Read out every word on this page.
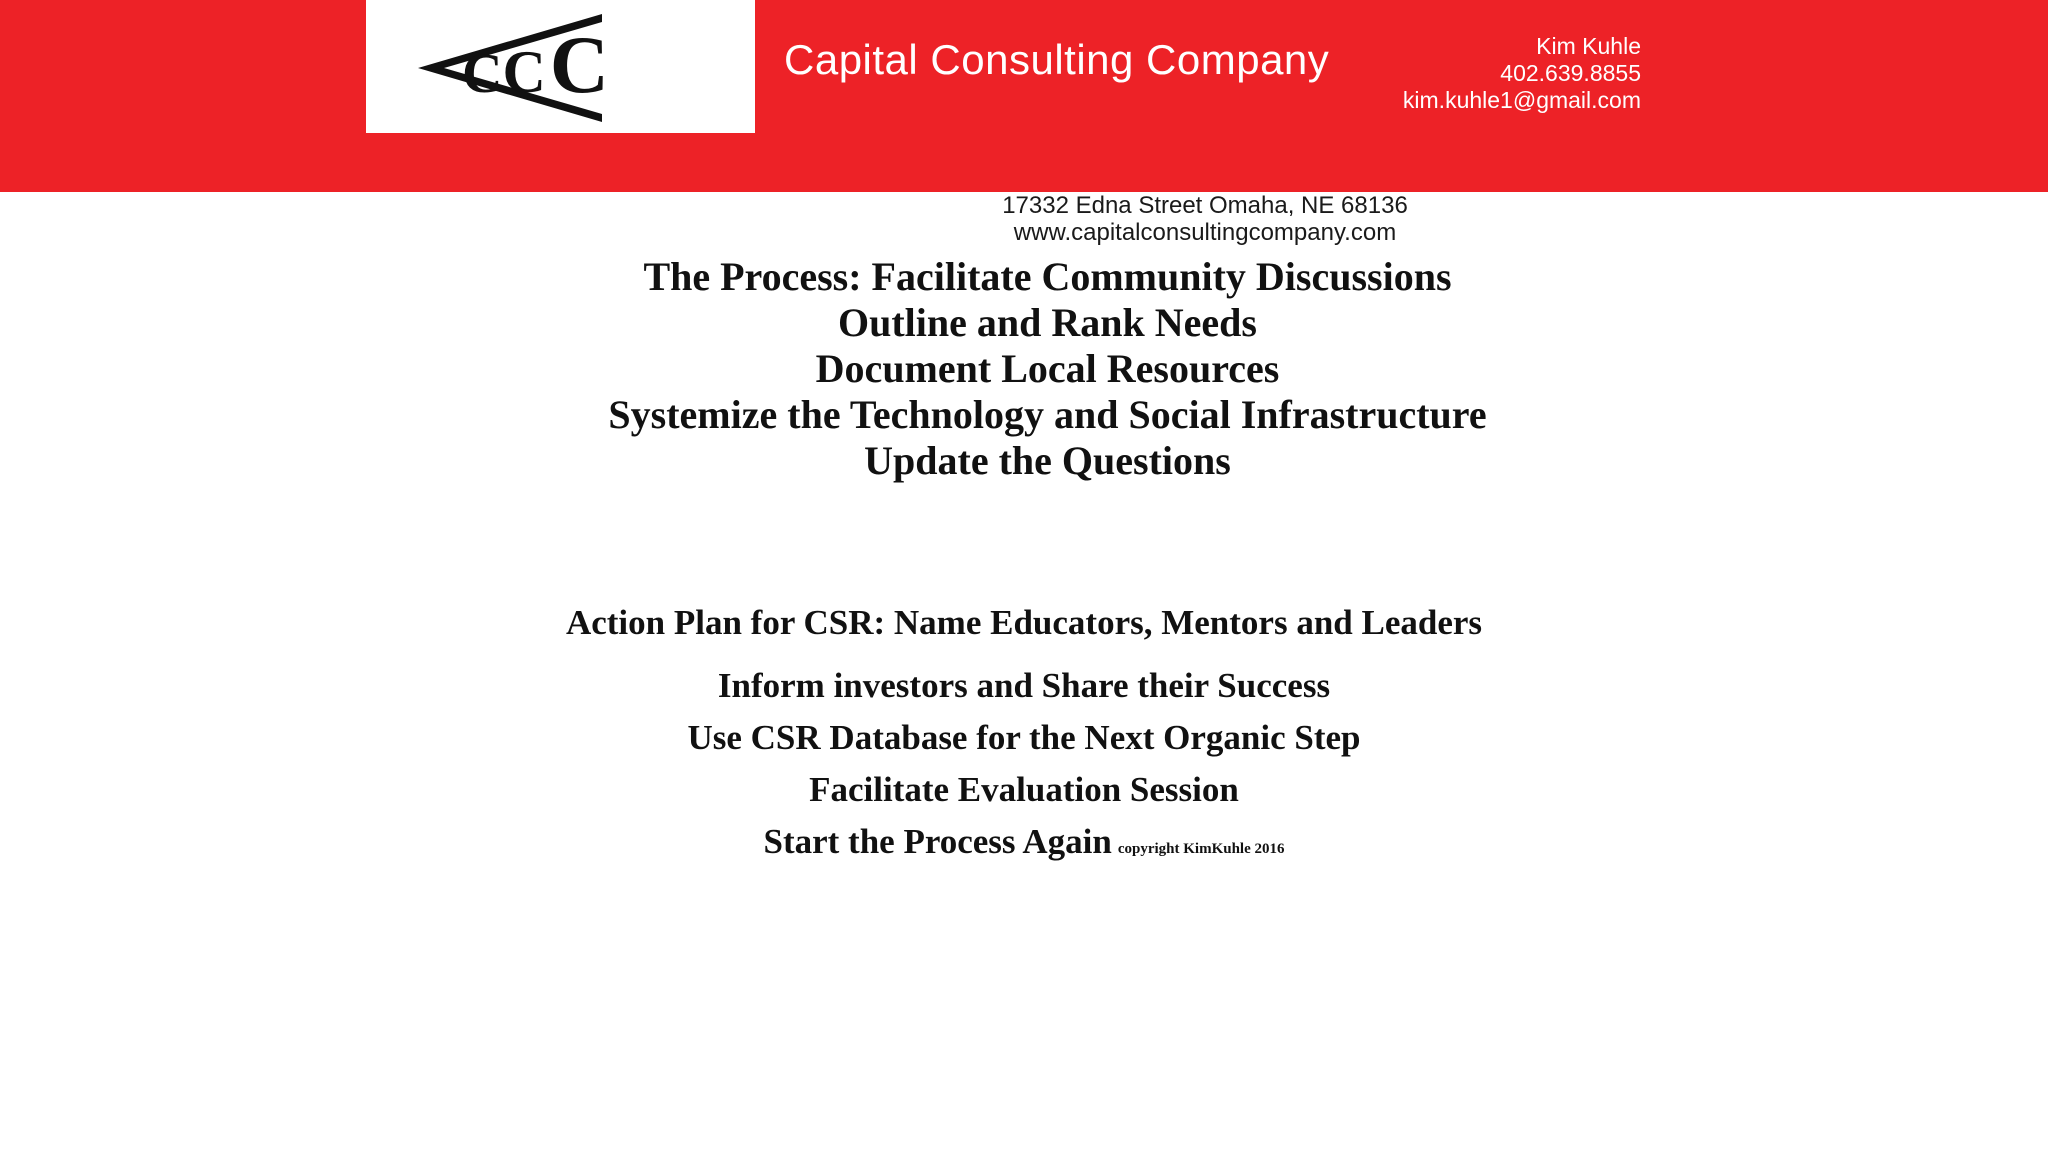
CCC	Capital Consulting Company	Kim Kuhle
402.639.8855
kim.kuhle1@gmail.com
17332 Edna Street Omaha, NE 68136
www.capitalconsultingcompany.com
The Process: Facilitate Community Discussions
Outline and Rank Needs
Document Local Resources
Systemize the Technology and Social Infrastructure
Update the Questions
Action Plan for CSR: Name Educators, Mentors and Leaders
Inform investors and Share their Success
Use CSR Database for the Next Organic Step
Facilitate Evaluation Session
Start the Process Again copyright KimKuhle 2016
